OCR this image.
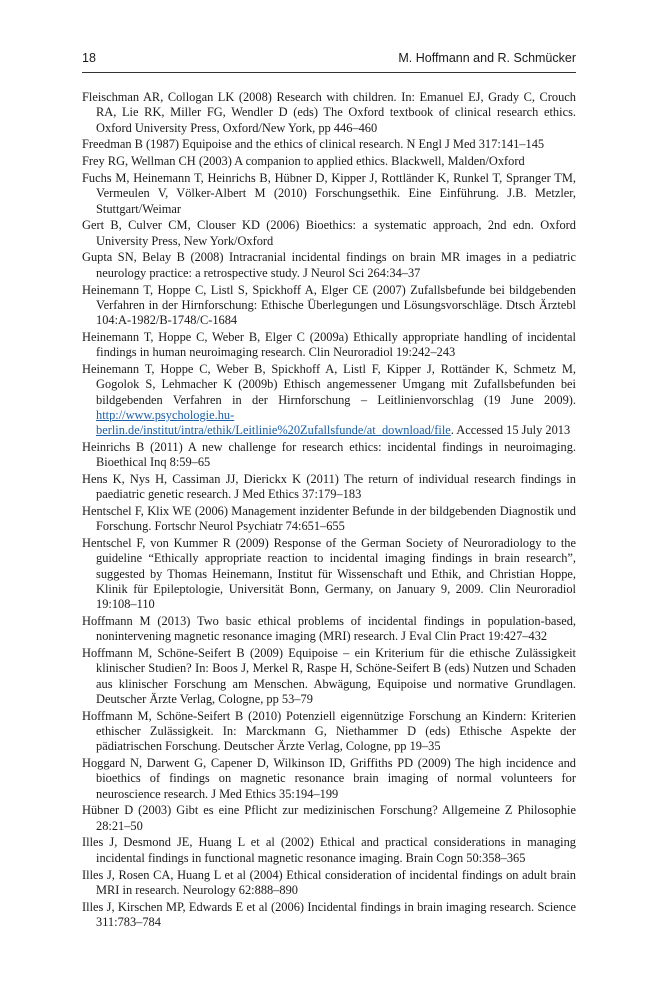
18	M. Hoffmann and R. Schmücker

Fleischman AR, Collogan LK (2008) Research with children. In: Emanuel EJ, Grady C, Crouch RA, Lie RK, Miller FG, Wendler D (eds) The Oxford textbook of clinical research ethics. Oxford University Press, Oxford/New York, pp 446–460

Freedman B (1987) Equipoise and the ethics of clinical research. N Engl J Med 317:141–145

Frey RG, Wellman CH (2003) A companion to applied ethics. Blackwell, Malden/Oxford

Fuchs M, Heinemann T, Heinrichs B, Hübner D, Kipper J, Rottländer K, Runkel T, Spranger TM, Vermeulen V, Völker-Albert M (2010) Forschungsethik. Eine Einführung. J.B. Metzler, Stuttgart/Weimar

Gert B, Culver CM, Clouser KD (2006) Bioethics: a systematic approach, 2nd edn. Oxford University Press, New York/Oxford

Gupta SN, Belay B (2008) Intracranial incidental findings on brain MR images in a pediatric neurology practice: a retrospective study. J Neurol Sci 264:34–37

Heinemann T, Hoppe C, Listl S, Spickhoff A, Elger CE (2007) Zufallsbefunde bei bildgebenden Verfahren in der Hirnforschung: Ethische Überlegungen und Lösungsvorschläge. Dtsch Ärztebl 104:A-1982/B-1748/C-1684

Heinemann T, Hoppe C, Weber B, Elger C (2009a) Ethically appropriate handling of incidental findings in human neuroimaging research. Clin Neuroradiol 19:242–243

Heinemann T, Hoppe C, Weber B, Spickhoff A, Listl F, Kipper J, Rottänder K, Schmetz M, Gogolok S, Lehmacher K (2009b) Ethisch angemessener Umgang mit Zufallsbefunden bei bildgebenden Verfahren in der Hirnforschung – Leitlinienvorschlag (19 June 2009). http://www.psychologie.hu-berlin.de/institut/intra/ethik/Leitlinie%20Zufallsfunde/at_download/file. Accessed 15 July 2013

Heinrichs B (2011) A new challenge for research ethics: incidental findings in neuroimaging. Bioethical Inq 8:59–65

Hens K, Nys H, Cassiman JJ, Dierickx K (2011) The return of individual research findings in paediatric genetic research. J Med Ethics 37:179–183

Hentschel F, Klix WE (2006) Management inzidenter Befunde in der bildgebenden Diagnostik und Forschung. Fortschr Neurol Psychiatr 74:651–655

Hentschel F, von Kummer R (2009) Response of the German Society of Neuroradiology to the guideline “Ethically appropriate reaction to incidental imaging findings in brain research”, suggested by Thomas Heinemann, Institut für Wissenschaft und Ethik, and Christian Hoppe, Klinik für Epileptologie, Universität Bonn, Germany, on January 9, 2009. Clin Neuroradiol 19:108–110

Hoffmann M (2013) Two basic ethical problems of incidental findings in population-based, nonintervening magnetic resonance imaging (MRI) research. J Eval Clin Pract 19:427–432

Hoffmann M, Schöne-Seifert B (2009) Equipoise – ein Kriterium für die ethische Zulässigkeit klinischer Studien? In: Boos J, Merkel R, Raspe H, Schöne-Seifert B (eds) Nutzen und Schaden aus klinischer Forschung am Menschen. Abwägung, Equipoise und normative Grundlagen. Deutscher Ärzte Verlag, Cologne, pp 53–79

Hoffmann M, Schöne-Seifert B (2010) Potenziell eigennützige Forschung an Kindern: Kriterien ethischer Zulässigkeit. In: Marckmann G, Niethammer D (eds) Ethische Aspekte der pädiatrischen Forschung. Deutscher Ärzte Verlag, Cologne, pp 19–35

Hoggard N, Darwent G, Capener D, Wilkinson ID, Griffiths PD (2009) The high incidence and bioethics of findings on magnetic resonance brain imaging of normal volunteers for neuroscience research. J Med Ethics 35:194–199

Hübner D (2003) Gibt es eine Pflicht zur medizinischen Forschung? Allgemeine Z Philosophie 28:21–50

Illes J, Desmond JE, Huang L et al (2002) Ethical and practical considerations in managing incidental findings in functional magnetic resonance imaging. Brain Cogn 50:358–365

Illes J, Rosen CA, Huang L et al (2004) Ethical consideration of incidental findings on adult brain MRI in research. Neurology 62:888–890

Illes J, Kirschen MP, Edwards E et al (2006) Incidental findings in brain imaging research. Science 311:783–784
